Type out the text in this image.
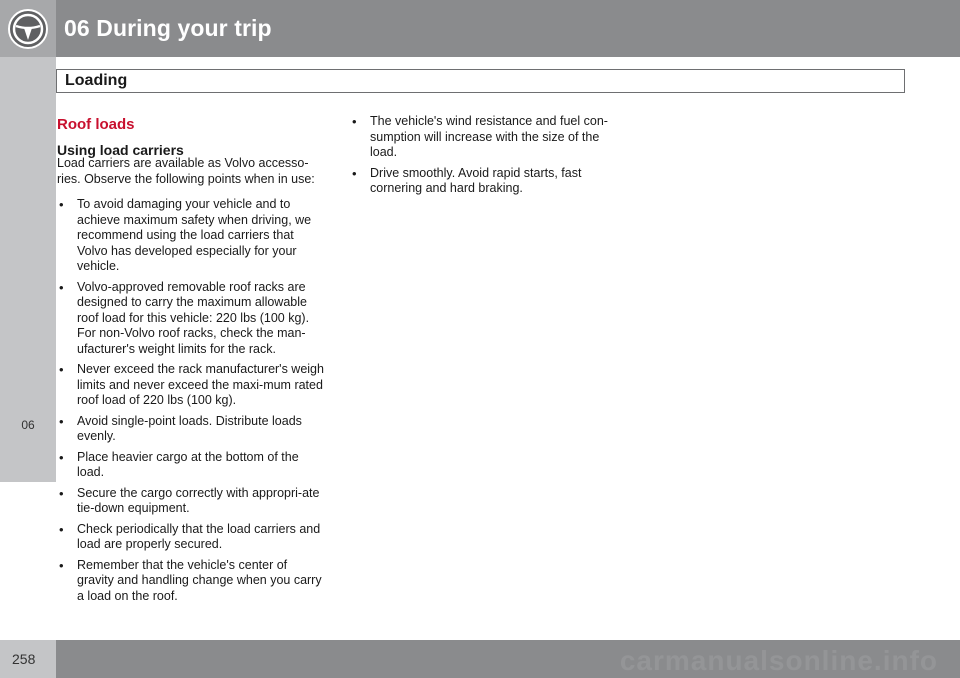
06 During your trip
06
Loading
Roof loads
Using load carriers
Load carriers are available as Volvo accesso-ries. Observe the following points when in use:
• To avoid damaging your vehicle and to achieve maximum safety when driving, we recommend using the load carriers that Volvo has developed especially for your vehicle.
• Volvo-approved removable roof racks are designed to carry the maximum allowable roof load for this vehicle: 220 lbs (100 kg). For non-Volvo roof racks, check the man-ufacturer's weight limits for the rack.
• Never exceed the rack manufacturer's weigh limits and never exceed the maxi-mum rated roof load of 220 lbs (100 kg).
• Avoid single-point loads. Distribute loads evenly.
• Place heavier cargo at the bottom of the load.
• Secure the cargo correctly with appropri-ate tie-down equipment.
• Check periodically that the load carriers and load are properly secured.
• Remember that the vehicle's center of gravity and handling change when you carry a load on the roof.
• The vehicle's wind resistance and fuel con-sumption will increase with the size of the load.
• Drive smoothly. Avoid rapid starts, fast cornering and hard braking.
258	carmanualsonline.info
